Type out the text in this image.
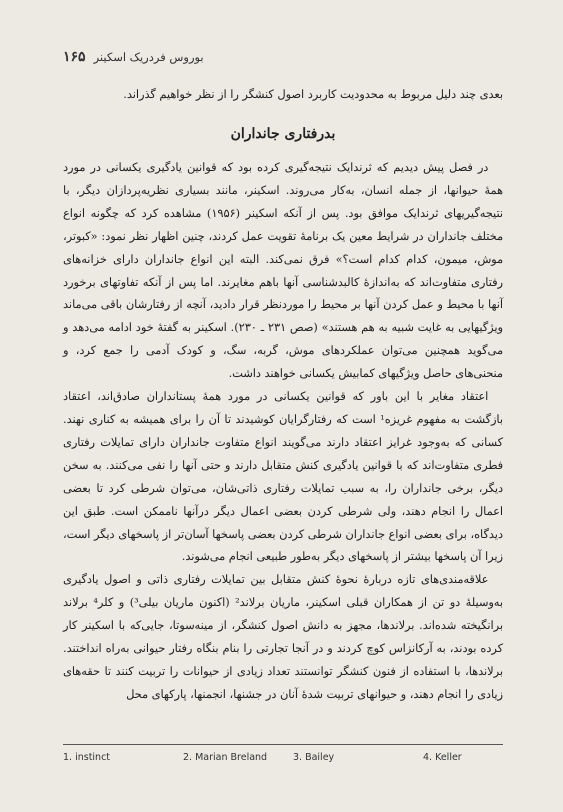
بوروس فردریک اسکینر۱۶۵
بعدی چند دلیل مربوط به محدودیت کاربرد اصول کنشگر را از نظر خواهیم گذراند.
بدرفتاری جانداران

در فصل پیش دیدیم که ثرندایک نتیجه‌گیری کرده بود که قوانین یادگیری یکسانی در مورد همهٔ حیوانها، از جمله انسان، به‌کار می‌روند. اسکینر، مانند بسیاری نظریه‌پردازان دیگر، با نتیجه‌گیریهای ثرندایک موافق بود. پس از آنکه اسکینر (۱۹۵۶) مشاهده کرد که چگونه انواع مختلف جانداران در شرایط معین یک برنامهٔ تقویت عمل کردند، چنین اظهار نظر نمود: «کبوتر، موش، میمون، کدام کدام است؟» فرق نمی‌کند. البته این انواع جانداران دارای خزانه‌های رفتاری متفاوت‌اند که به‌اندازهٔ کالبدشناسی آنها باهم مغایرند. اما پس از آنکه تفاوتهای برخورد آنها با محیط و عمل کردن آنها بر محیط را موردنظر قرار دادید، آنچه از رفتارشان باقی می‌ماند ویژگیهایی به غایت شبیه به هم هستند» (صص ۲۳۱ ـ ۲۳۰). اسکینر به گفتهٔ خود ادامه می‌دهد و می‌گوید همچنین می‌توان عملکردهای موش، گربه، سگ، و کودک آدمی را جمع کرد، و منحنی‌های حاصل ویژگیهای کمابیش یکسانی خواهند داشت.

اعتقاد مغایر با این باور که قوانین یکسانی در مورد همهٔ پستانداران صادق‌اند، اعتقاد بازگشت به مفهوم غریزه¹ است که رفتارگرایان کوشیدند تا آن را برای همیشه به کناری نهند. کسانی که به‌وجود غرایز اعتقاد دارند می‌گویند انواع متفاوت جانداران دارای تمایلات رفتاری فطری متفاوت‌اند که با قوانین یادگیری کنش متقابل دارند و حتی آنها را نفی می‌کنند. به سخن دیگر، برخی جانداران را، به سبب تمایلات رفتاری ذاتی‌شان، می‌توان شرطی کرد تا بعضی اعمال را انجام دهند، ولی شرطی کردن بعضی اعمال دیگر درآنها ناممکن است. طبق این دیدگاه، برای بعضی انواع جانداران شرطی کردن بعضی پاسخها آسان‌تر از پاسخهای دیگر است، زیرا آن پاسخها بیشتر از پاسخهای دیگر به‌طور طبیعی انجام می‌شوند.

علاقه‌مندی‌های تازه دربارهٔ نحوهٔ کنش متقابل بین تمایلات رفتاری ذاتی و اصول یادگیری به‌وسیلهٔ دو تن از همکاران قبلی اسکینر، ماریان برلاند² (اکنون ماریان بیلی³) و کلر⁴ برلاند برانگیخته شده‌اند. برلاندها، مجهز به دانش اصول کنشگر، از مینه‌سوتا، جایی‌که با اسکینر کار کرده بودند، به آرکانزاس کوچ کردند و در آنجا تجارتی را بنام بنگاه رفتار حیوانی به‌راه انداختند. برلاندها، با استفاده از فنون کنشگر توانستند تعداد زیادی از حیوانات را تربیت کنند تا حقه‌های زیادی را انجام دهند، و حیوانهای تربیت شدهٔ آنان در جشنها، انجمنها، پارکهای محل

1. instinct	2. Marian Breland	3. Bailey	4. Keller
